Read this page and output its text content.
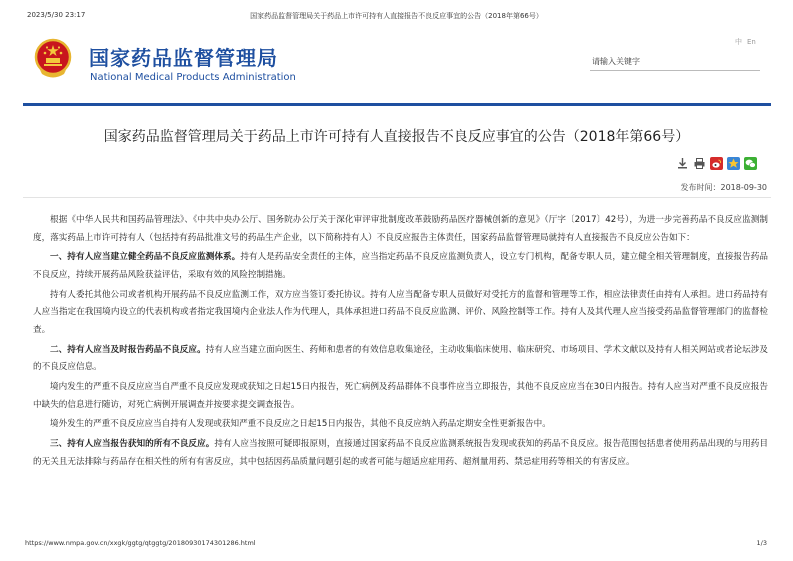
2023/5/30 23:17	国家药品监督管理局关于药品上市许可持有人直接报告不良反应事宜的公告（2018年第66号）
国家药品监督管理局
National Medical Products Administration
中 En
请输入关键字
国家药品监督管理局关于药品上市许可持有人直接报告不良反应事宜的公告（2018年第66号）
发布时间：2018-09-30

根据《中华人民共和国药品管理法》、《中共中央办公厅、国务院办公厅关于深化审评审批制度改革鼓励药品医疗器械创新的意见》（厅字〔2017〕42号），为进一步完善药品不良反应监测制度，落实药品上市许可持有人（包括持有药品批准文号的药品生产企业，以下简称持有人）不良反应报告主体责任，国家药品监督管理局就持有人直接报告不良反应公告如下：

一、持有人应当建立健全药品不良反应监测体系。持有人是药品安全责任的主体，应当指定药品不良反应监测负责人，设立专门机构，配备专职人员，建立健全相关管理制度，直接报告药品不良反应，持续开展药品风险获益评估，采取有效的风险控制措施。

持有人委托其他公司或者机构开展药品不良反应监测工作，双方应当签订委托协议。持有人应当配备专职人员做好对受托方的监督和管理等工作，相应法律责任由持有人承担。进口药品持有人应当指定在我国境内设立的代表机构或者指定我国境内企业法人作为代理人，具体承担进口药品不良反应监测、评价、风险控制等工作。持有人及其代理人应当接受药品监督管理部门的监督检查。

二、持有人应当及时报告药品不良反应。持有人应当建立面向医生、药师和患者的有效信息收集途径，主动收集临床使用、临床研究、市场项目、学术文献以及持有人相关网站或者论坛涉及的不良反应信息。

境内发生的严重不良反应应当自严重不良反应发现或获知之日起15日内报告，死亡病例及药品群体不良事件应当立即报告，其他不良反应应当在30日内报告。持有人应当对严重不良反应报告中缺失的信息进行随访，对死亡病例开展调查并按要求提交调查报告。

境外发生的严重不良反应应当自持有人发现或获知严重不良反应之日起15日内报告，其他不良反应纳入药品定期安全性更新报告中。

三、持有人应当报告获知的所有不良反应。持有人应当按照可疑即报原则，直接通过国家药品不良反应监测系统报告发现或获知的药品不良反应。报告范围包括患者使用药品出现的与用药目的无关且无法排除与药品存在相关性的所有有害反应，其中包括因药品质量问题引起的或者可能与超适应症用药、超剂量用药、禁忌症用药等相关的有害反应。

https://www.nmpa.gov.cn/xxgk/ggtg/qtggtg/20180930174301286.html	1/3
